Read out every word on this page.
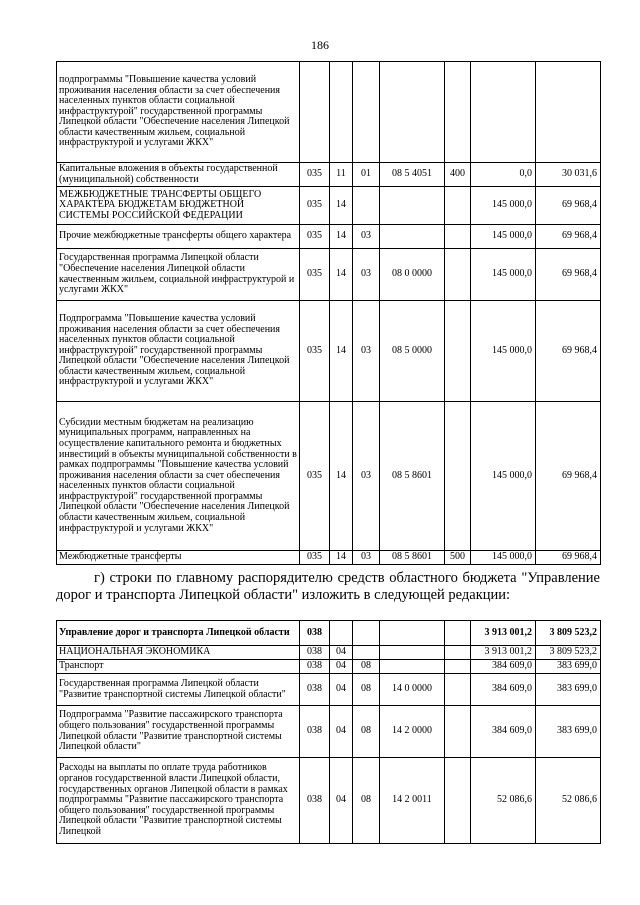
186
подпрограммы "Повышение качества условий проживания населения области за счет обеспечения населенных пунктов области социальной инфраструктурой" государственной программы Липецкой области "Обеспечение населения Липецкой области качественным жильем, социальной инфраструктурой и услугами ЖКХ"							
Капитальные вложения в объекты государственной (муниципальной) собственности	035	11	01	08 5 4051	400	0,0	30 031,6
МЕЖБЮДЖЕТНЫЕ ТРАНСФЕРТЫ ОБЩЕГО ХАРАКТЕРА БЮДЖЕТАМ БЮДЖЕТНОЙ СИСТЕМЫ РОССИЙСКОЙ ФЕДЕРАЦИИ	035	14				145 000,0	69 968,4
Прочие межбюджетные трансферты общего характера	035	14	03			145 000,0	69 968,4
Государственная программа Липецкой области "Обеспечение населения Липецкой области качественным жильем, социальной инфраструктурой и услугами ЖКХ"	035	14	03	08 0 0000		145 000,0	69 968,4
Подпрограмма "Повышение качества условий проживания населения области за счет обеспечения населенных пунктов области социальной инфраструктурой" государственной программы Липецкой области "Обеспечение населения Липецкой области качественным жильем, социальной инфраструктурой и услугами ЖКХ"	035	14	03	08 5 0000		145 000,0	69 968,4
Субсидии местным бюджетам на реализацию муниципальных программ, направленных на осуществление капитального ремонта и бюджетных инвестиций в объекты муниципальной собственности в рамках подпрограммы "Повышение качества условий проживания населения области за счет обеспечения населенных пунктов области социальной инфраструктурой" государственной программы Липецкой области "Обеспечение населения Липецкой области качественным жильем, социальной инфраструктурой и услугами ЖКХ"	035	14	03	08 5 8601		145 000,0	69 968,4
Межбюджетные трансферты	035	14	03	08 5 8601	500	145 000,0	69 968,4
г) строки по главному распорядителю средств областного бюджета "Управление дорог и транспорта Липецкой области" изложить в следующей редакции:
Управление дорог и транспорта Липецкой области	038					3 913 001,2	3 809 523,2
НАЦИОНАЛЬНАЯ ЭКОНОМИКА	038	04				3 913 001,2	3 809 523,2
Транспорт	038	04	08			384 609,0	383 699,0
Государственная программа Липецкой области "Развитие транспортной системы Липецкой области"	038	04	08	14 0 0000		384 609,0	383 699,0
Подпрограмма "Развитие пассажирского транспорта общего пользования" государственной программы Липецкой области "Развитие транспортной системы Липецкой области"	038	04	08	14 2 0000		384 609,0	383 699,0
Расходы на выплаты по оплате труда работников органов государственной власти Липецкой области, государственных органов Липецкой области в рамках подпрограммы "Развитие пассажирского транспорта общего пользования" государственной программы Липецкой области "Развитие транспортной системы Липецкой	038	04	08	14 2 0011		52 086,6	52 086,6
